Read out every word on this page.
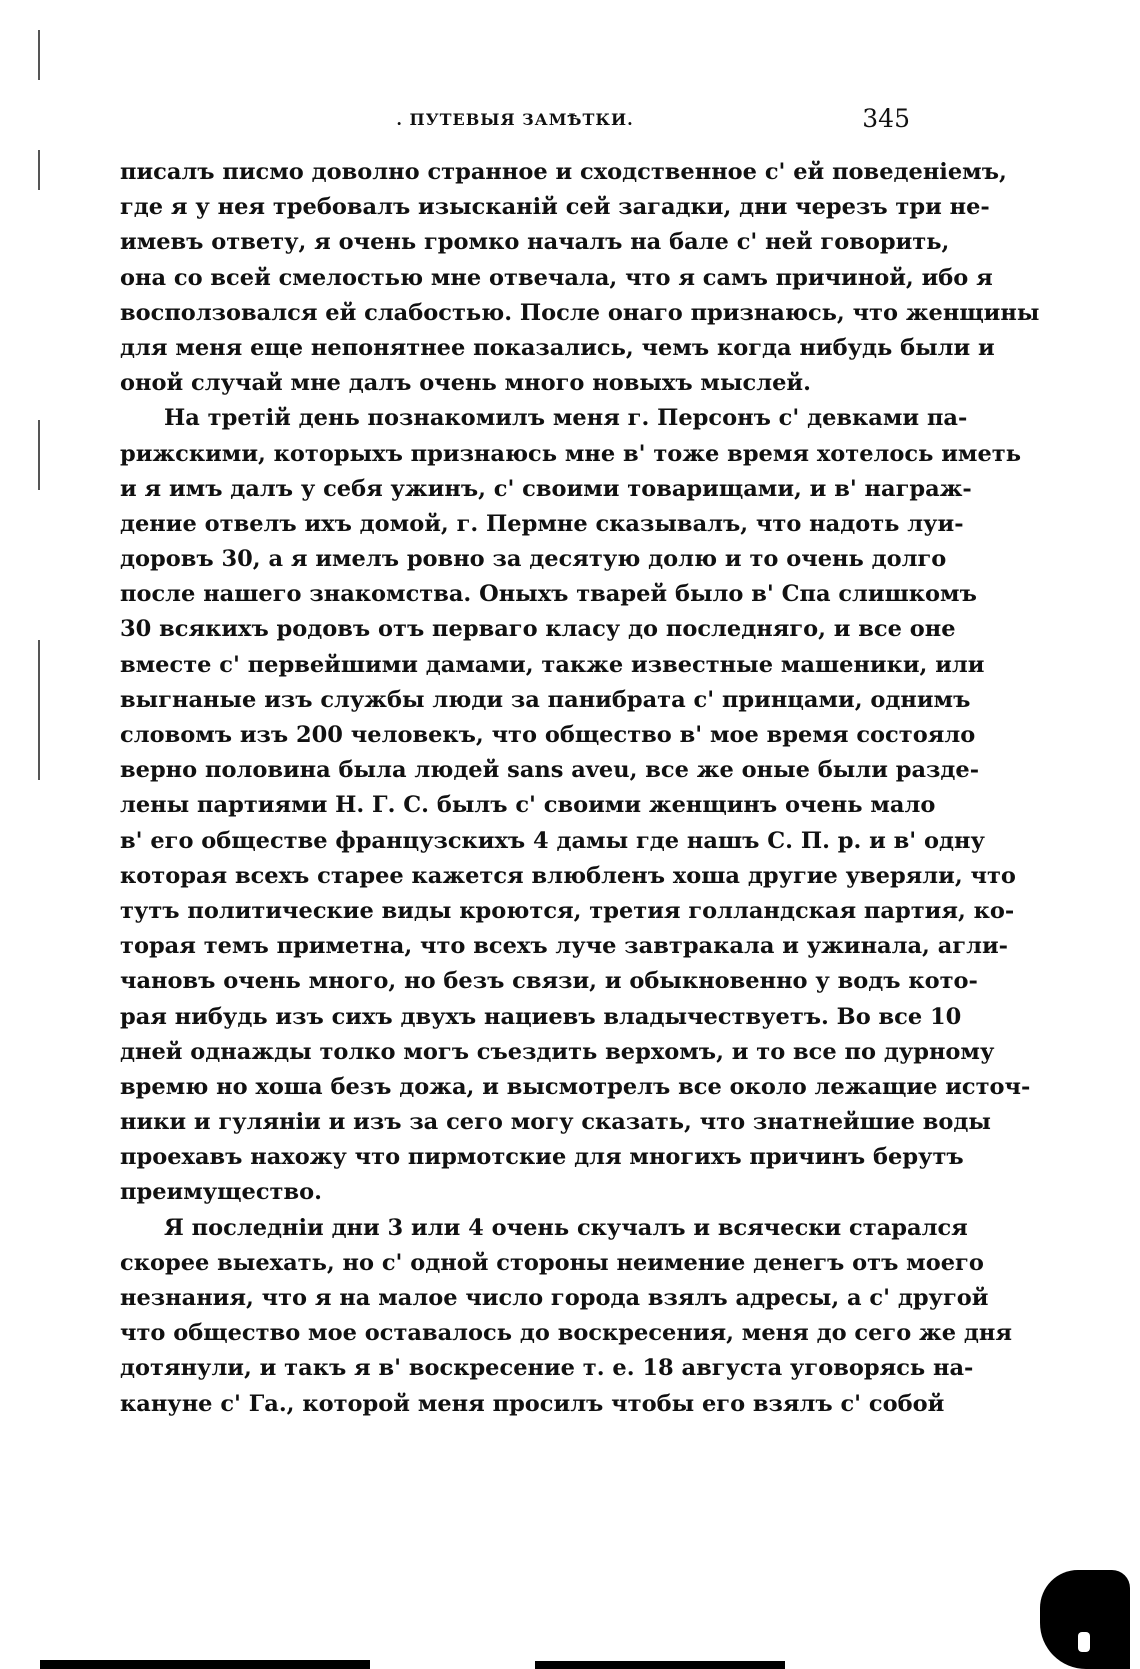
. ПУТЕВЫЯ ЗАМѢТКИ.	345
писалъ писмо доволно странное и сходственное с' ей поведеніемъ,
где я у нея требовалъ изысканій сей загадки, дни черезъ три не-
имевъ ответу, я очень громко началъ на бале с' ней говорить,
она со всей смелостью мне отвечала, что я самъ причиной, ибо я
восползовался ей слабостью. После онаго признаюсь, что женщины
для меня еще непонятнее показались, чемъ когда нибудь были и
оной случай мне далъ очень много новыхъ мыслей.
На третій день познакомилъ меня г. Персонъ с' девками па-
рижскими, которыхъ признаюсь мне в' тоже время хотелось иметь
и я имъ далъ у себя ужинъ, с' своими товарищами, и в' награж-
дение отвелъ ихъ домой, г. Пермне сказывалъ, что надоть луи-
доровъ 30, а я имелъ ровно за десятую долю и то очень долго
после нашего знакомства. Оныхъ тварей было в' Спа слишкомъ
30 всякихъ родовъ отъ перваго класу до последняго, и все оне
вместе с' первейшими дамами, также известные машеники, или
выгнаные изъ службы люди за панибрата с' принцами, однимъ
словомъ изъ 200 человекъ, что общество в' мое время состояло
верно половина была людей sans aveu, все же оные были разде-
лены партиями Н. Г. С. былъ с' своими женщинъ очень мало
в' его обществе французскихъ 4 дамы где нашъ С. П. р. и в' одну
которая всехъ старее кажется влюбленъ хоша другие уверяли, что
тутъ политические виды кроются, третия голландская партия, ко-
торая темъ приметна, что всехъ луче завтракала и ужинала, агли-
чановъ очень много, но безъ связи, и обыкновенно у водъ кото-
рая нибудь изъ сихъ двухъ нациевъ владычествуетъ. Во все 10
дней однажды толко могъ съездить верхомъ, и то все по дурному
времю но хоша безъ дожа, и высмотрелъ все около лежащие источ-
ники и гуляніи и изъ за сего могу сказать, что знатнейшие воды
проехавъ нахожу что пирмотские для многихъ причинъ берутъ
преимущество.
Я последніи дни 3 или 4 очень скучалъ и всячески старался
скорее выехать, но с' одной стороны неимение денегъ отъ моего
незнания, что я на малое число города взялъ адресы, а с' другой
что общество мое оставалось до воскресения, меня до сего же дня
дотянули, и такъ я в' воскресение т. е. 18 августа уговорясь на-
кануне с' Га., которой меня просилъ чтобы его взялъ с' собой
